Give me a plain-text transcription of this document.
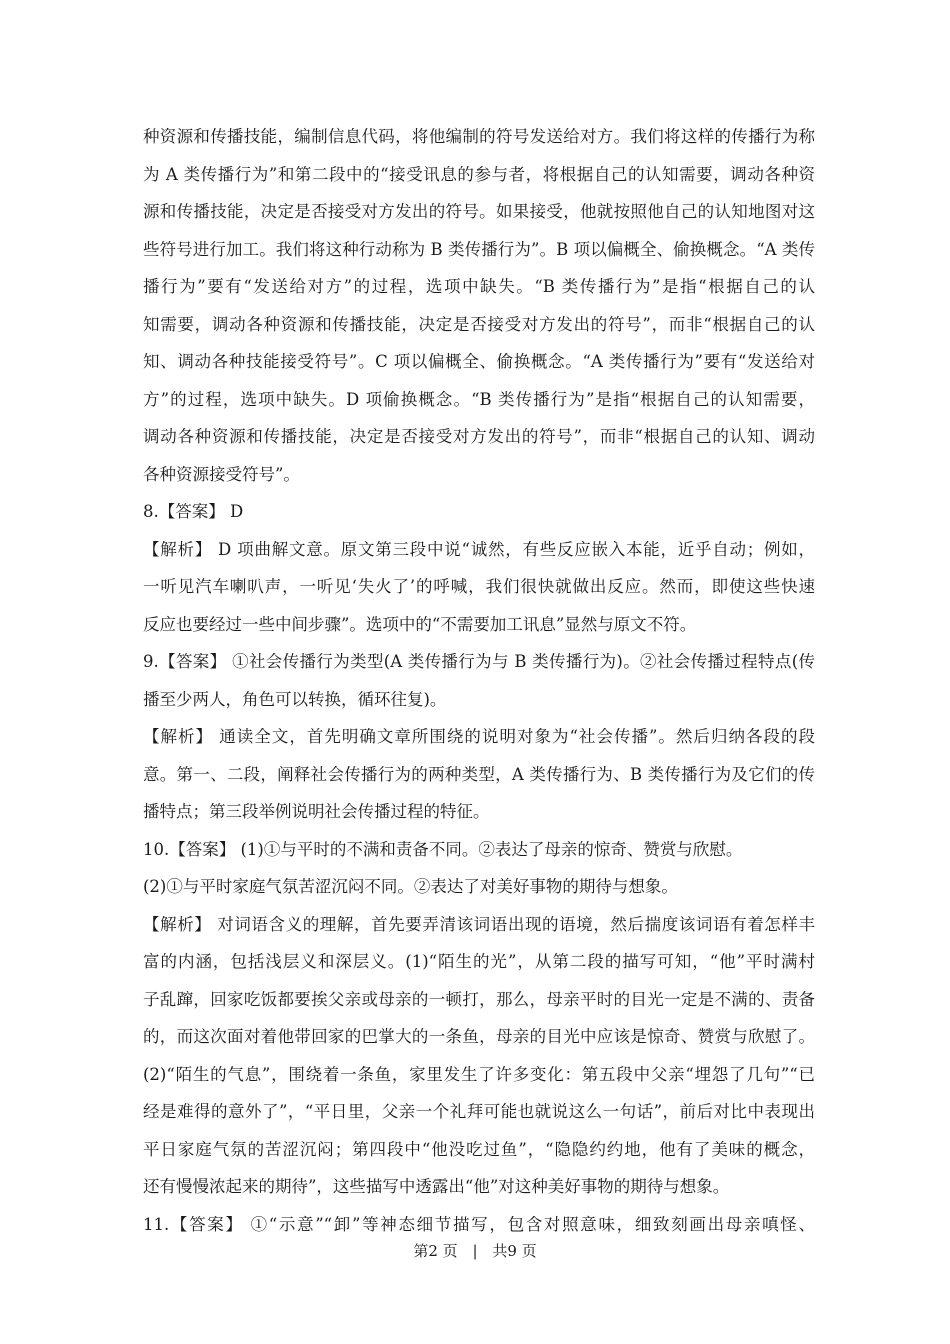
种资源和传播技能，编制信息代码，将他编制的符号发送给对方。我们将这样的传播行为称
为 A 类传播行为”和第二段中的“接受讯息的参与者，将根据自己的认知需要，调动各种资
源和传播技能，决定是否接受对方发出的符号。如果接受，他就按照他自己的认知地图对这
些符号进行加工。我们将这种行动称为 B 类传播行为”。B 项以偏概全、偷换概念。“A 类传
播行为”要有“发送给对方”的过程，选项中缺失。“B 类传播行为”是指“根据自己的认
知需要，调动各种资源和传播技能，决定是否接受对方发出的符号”，而非“根据自己的认
知、调动各种技能接受符号”。C 项以偏概全、偷换概念。“A 类传播行为”要有“发送给对
方”的过程，选项中缺失。D 项偷换概念。“B 类传播行为”是指“根据自己的认知需要，
调动各种资源和传播技能，决定是否接受对方发出的符号”，而非“根据自己的认知、调动
各种资源接受符号”。
8.【答案】 D
【解析】 D 项曲解文意。原文第三段中说“诚然，有些反应嵌入本能，近乎自动；例如，
一听见汽车喇叭声，一听见‘失火了’的呼喊，我们很快就做出反应。然而，即使这些快速
反应也要经过一些中间步骤”。选项中的“不需要加工讯息”显然与原文不符。
9.【答案】 ①社会传播行为类型(A 类传播行为与 B 类传播行为)。②社会传播过程特点(传
播至少两人，角色可以转换，循环往复)。
【解析】 通读全文，首先明确文章所围绕的说明对象为“社会传播”。然后归纳各段的段
意。第一、二段，阐释社会传播行为的两种类型，A 类传播行为、B 类传播行为及它们的传
播特点；第三段举例说明社会传播过程的特征。
10.【答案】 (1)①与平时的不满和责备不同。②表达了母亲的惊奇、赞赏与欣慰。
(2)①与平时家庭气氛苦涩沉闷不同。②表达了对美好事物的期待与想象。
【解析】 对词语含义的理解，首先要弄清该词语出现的语境，然后揣度该词语有着怎样丰
富的内涵，包括浅层义和深层义。(1)“陌生的光”，从第二段的描写可知，“他”平时满村
子乱蹿，回家吃饭都要挨父亲或母亲的一顿打，那么，母亲平时的目光一定是不满的、责备
的，而这次面对着他带回家的巴掌大的一条鱼，母亲的目光中应该是惊奇、赞赏与欣慰了。
(2)“陌生的气息”，围绕着一条鱼，家里发生了许多变化：第五段中父亲“埋怨了几句”“已
经是难得的意外了”，“平日里，父亲一个礼拜可能也就说这么一句话”，前后对比中表现出
平日家庭气氛的苦涩沉闷；第四段中“他没吃过鱼”，“隐隐约约地，他有了美味的概念，
还有慢慢浓起来的期待”，这些描写中透露出“他”对这种美好事物的期待与想象。
11.【答案】 ①“示意”“卸”等神态细节描写，包含对照意味，细致刻画出母亲嗔怪、
第2 页 | 共9 页
